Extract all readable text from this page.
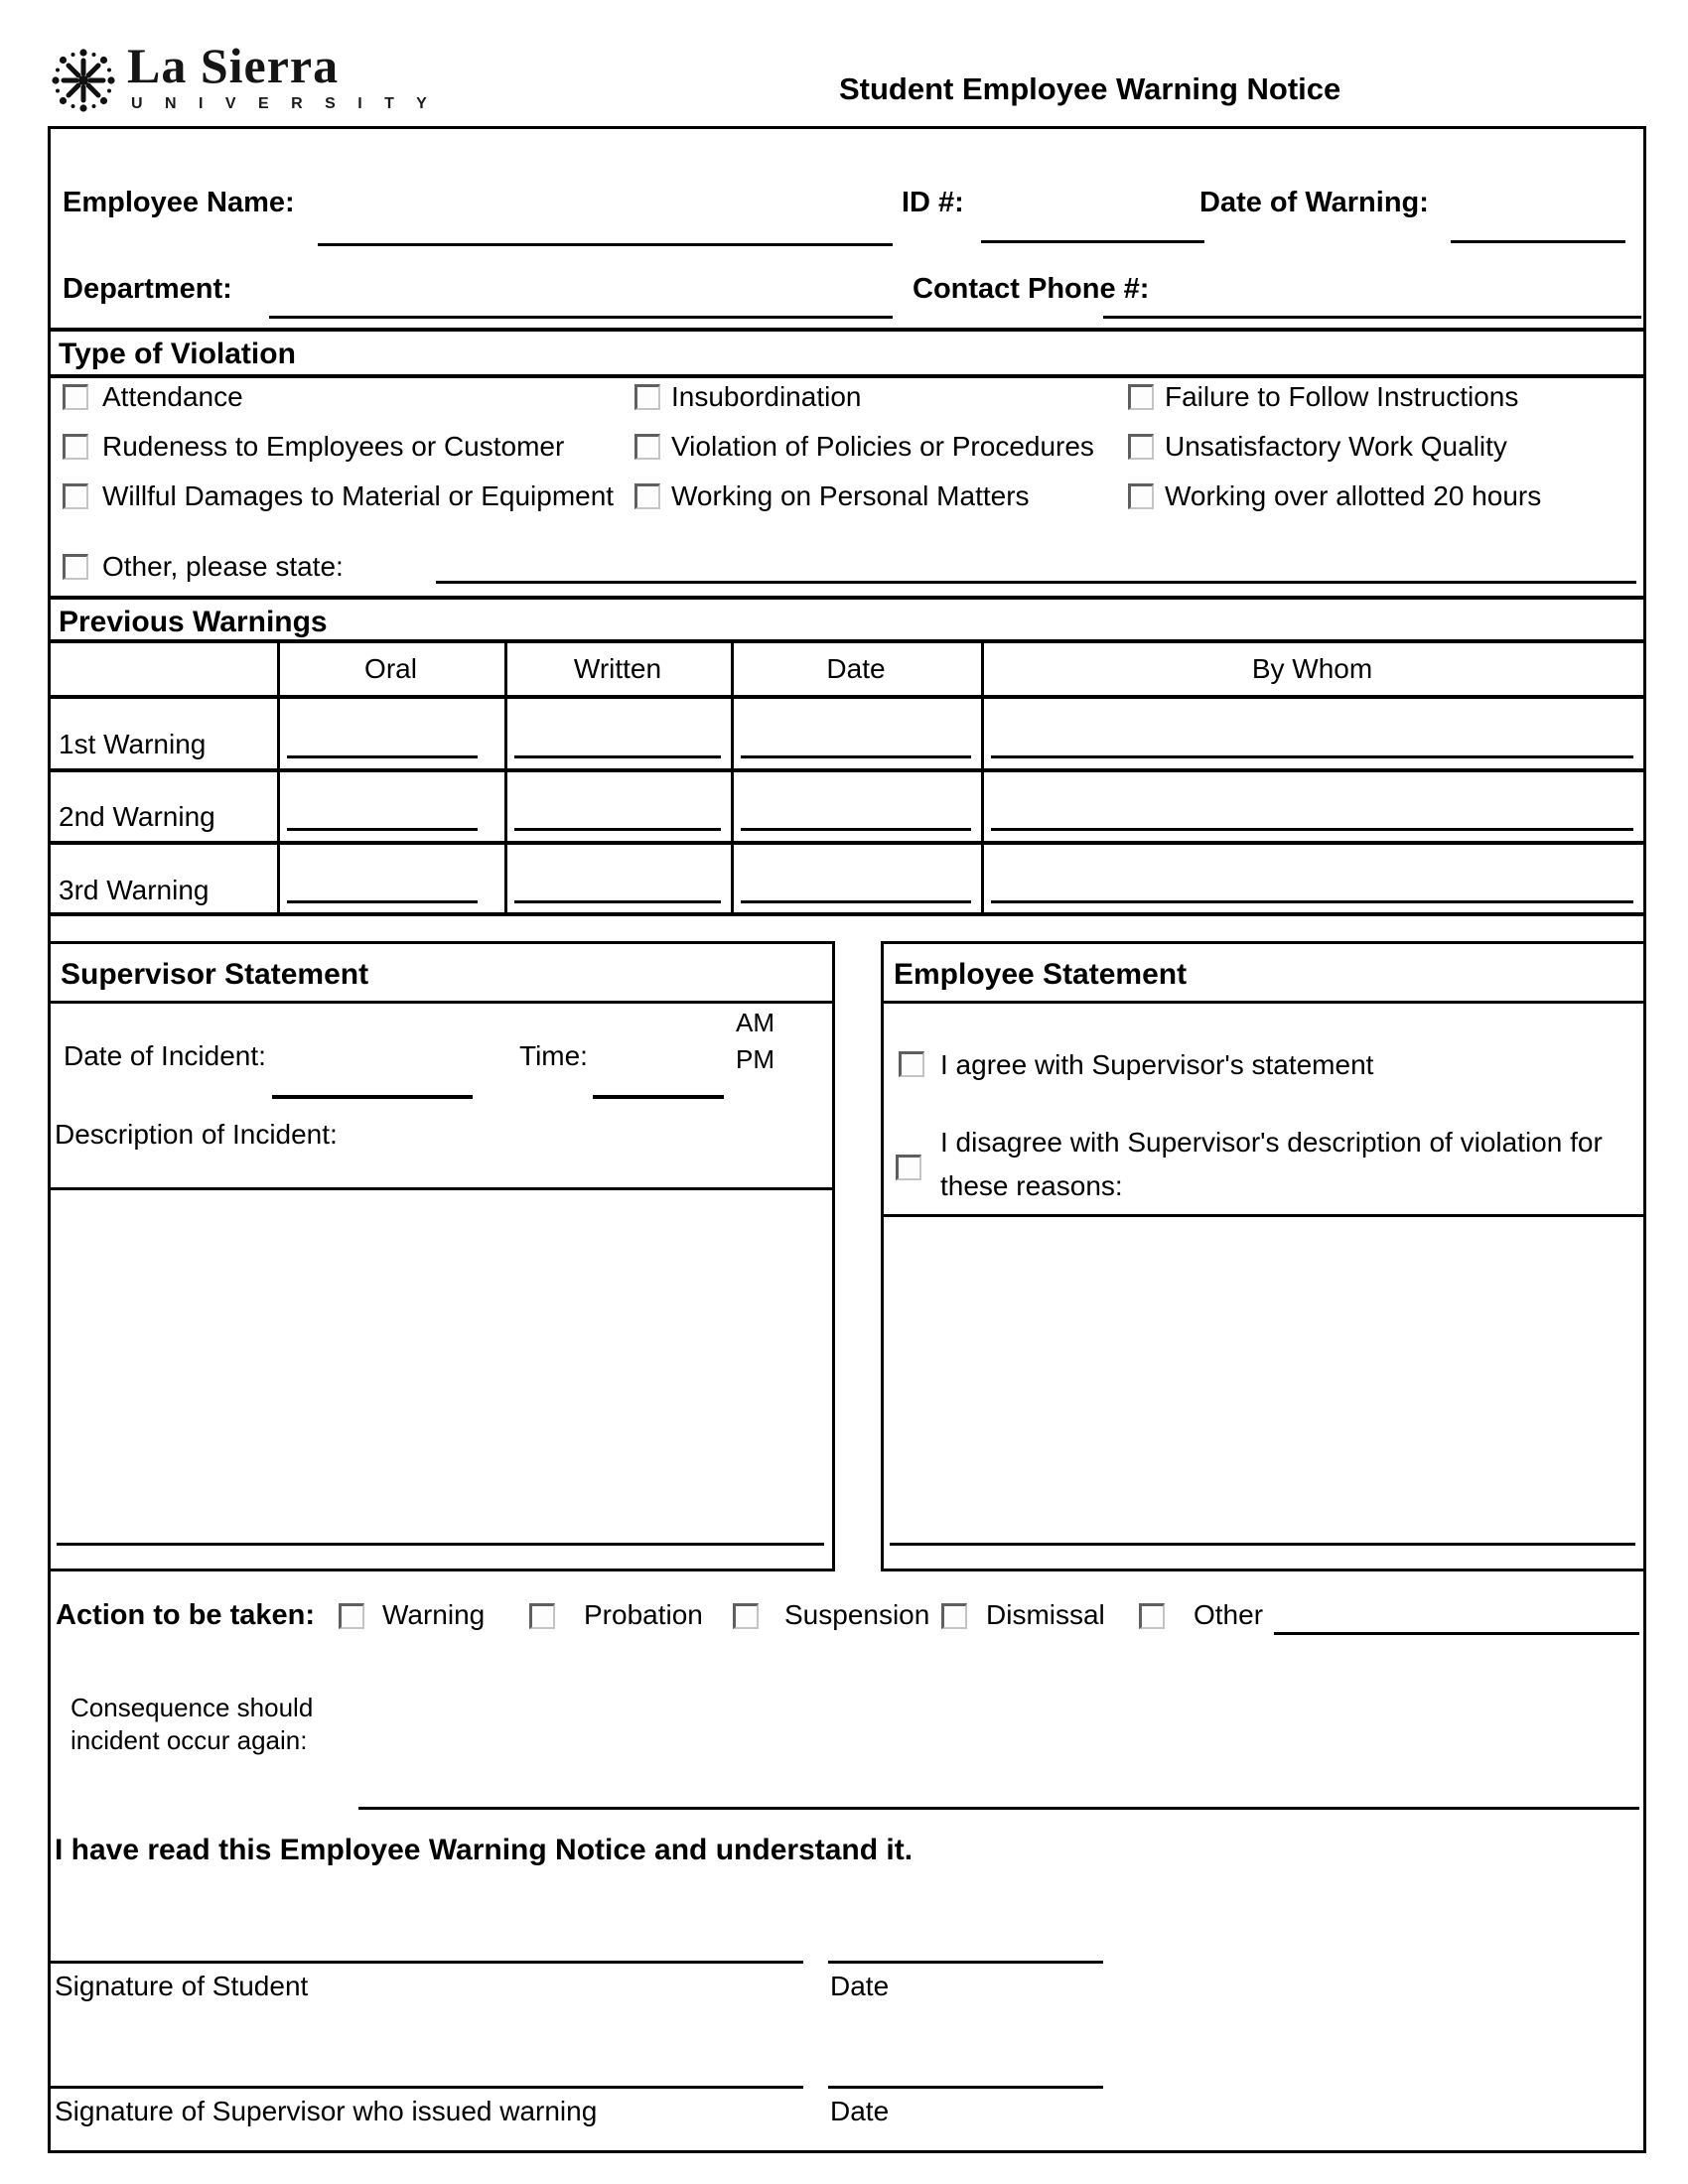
La Sierra
U N I V E R S I T Y	Student Employee Warning Notice
Employee Name:	ID #:	Date of Warning:
Department:	Contact Phone #:
Type of Violation
Attendance	Insubordination	Failure to Follow Instructions
Rudeness to Employees or Customer	Violation of Policies or Procedures	Unsatisfactory Work Quality
Willful Damages to Material or Equipment Working on Personal Matters	Working over allotted 20 hours
Other, please state:
Previous Warnings
Oral	Written	Date	By Whom
1st Warning
2nd Warning
3rd Warning
Supervisor Statement
AM
PM
Date of Incident:	Time:
Description of Incident:
Employee Statement
I agree with Supervisor's statement
I disagree with Supervisor's description of violation for these reasons:
Action to be taken: Warning	Probation	Suspension Dismissal	Other
Consequence should
incident occur again:
I have read this Employee Warning Notice and understand it.
Signature of Student	Date
Signature of Supervisor who issued warning	Date
